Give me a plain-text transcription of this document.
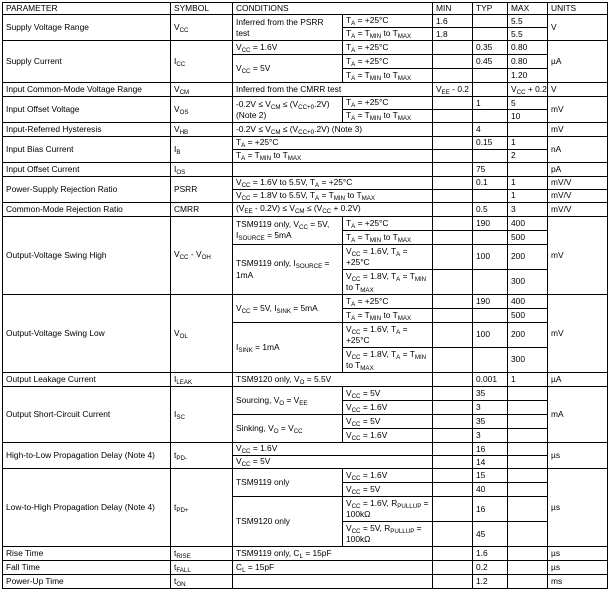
PARAMETER	SYMBOL	CONDITIONS		MIN	TYP	MAX	UNITS
Supply Voltage Range	$V_{CC}$	Inferred from the PSRR test	$T_A = +25^\circ C$	1.6		5.5	V
			$T_A = T_{MIN}$ to $T_{MAX}$	1.8		5.5	
Supply Current	$I_{CC}$	$V_{CC} = 1.6V$	$T_A = +25^\circ C$		0.35	0.80	µA
		$V_{CC} = 5V$	$T_A = +25^\circ C$		0.45	0.80	
			$T_A = T_{MIN}$ to $T_{MAX}$			1.20	
Input Common-Mode Voltage Range	$V_{CM}$	Inferred from the CMRR test		$V_{EE} - 0.2$		$V_{CC} + 0.2$	V
Input Offset Voltage	$V_{OS}$	$-0.2V \le V_{CM} \le (V_{CC+0}.2V)$ (Note 2)	$T_A = +25^\circ C$		1	5	mV
			$T_A = T_{MIN}$ to $T_{MAX}$			10	
Input-Referred Hysteresis	$V_{HB}$	$-0.2V \le V_{CM} \le (V_{CC+0}.2V)$ (Note 3)			4		mV
Input Bias Current	$I_B$	$T_A = +25^\circ C$			0.15	1	nA
		$T_A = T_{MIN}$ to $T_{MAX}$				2	
Input Offset Current	$I_{OS}$				75		pA
Power-Supply Rejection Ratio	PSRR	$V_{CC} = 1.6V$ to 5.5V, $T_A = +25^\circ C$			0.1	1	mV/V
		$V_{CC} = 1.8V$ to 5.5V, $T_A = T_{MIN}$ to $T_{MAX}$				1	mV/V
Common-Mode Rejection Ratio	CMRR	$(V_{EE} - 0.2V) \le V_{CM} \le (V_{CC} + 0.2V)$			0.5	3	mV/V
Output-Voltage Swing High	$V_{CC} - V_{OH}$	TSM9119 only, $V_{CC} = 5V$, $I_{SOURCE} = 5mA$	$T_A = +25^\circ C$		190	400	mV
			$T_A = T_{MIN}$ to $T_{MAX}$			500	
		TSM9119 only, $I_{SOURCE} = 1mA$	$V_{CC} = 1.6V$, $T_A = +25^\circ C$		100	200	
			$V_{CC} = 1.8V$, $T_A = T_{MIN}$ to $T_{MAX}$			300	
Output-Voltage Swing Low	$V_{OL}$	$V_{CC} = 5V$, $I_{SINK} = 5mA$	$T_A = +25^\circ C$		190	400	mV
			$T_A = T_{MIN}$ to $T_{MAX}$			500	
		$I_{SINK} = 1mA$	$V_{CC} = 1.6V$, $T_A = +25^\circ C$		100	200	
			$V_{CC} = 1.8V$, $T_A = T_{MIN}$ to $T_{MAX}$			300	
Output Leakage Current	$I_{LEAK}$	TSM9120 only, $V_O = 5.5V$			0.001	1	µA
Output Short-Circuit Current	$I_{SC}$	Sourcing, $V_O = V_{EE}$	$V_{CC} = 5V$		35		mA
			$V_{CC} = 1.6V$		3		
		Sinking, $V_O = V_{CC}$	$V_{CC} = 5V$		35		
			$V_{CC} = 1.6V$		3		
High-to-Low Propagation Delay (Note 4)	$t_{PD-}$	$V_{CC} = 1.6V$			16		µs
		$V_{CC} = 5V$			14		
Low-to-High Propagation Delay (Note 4)	$t_{PD+}$	TSM9119 only	$V_{CC} = 1.6V$		15		µs
			$V_{CC} = 5V$		40		
		TSM9120 only	$V_{CC} = 1.6V$, $R_{PULLUP} = 100k\Omega$		16		
			$V_{CC} = 5V$, $R_{PULLUP} = 100k\Omega$		45		
Rise Time	$t_{RISE}$	TSM9119 only, $C_L = 15pF$			1.6		µs
Fall Time	$t_{FALL}$	$C_L = 15pF$			0.2		µs
Power-Up Time	$t_{ON}$				1.2		ms
